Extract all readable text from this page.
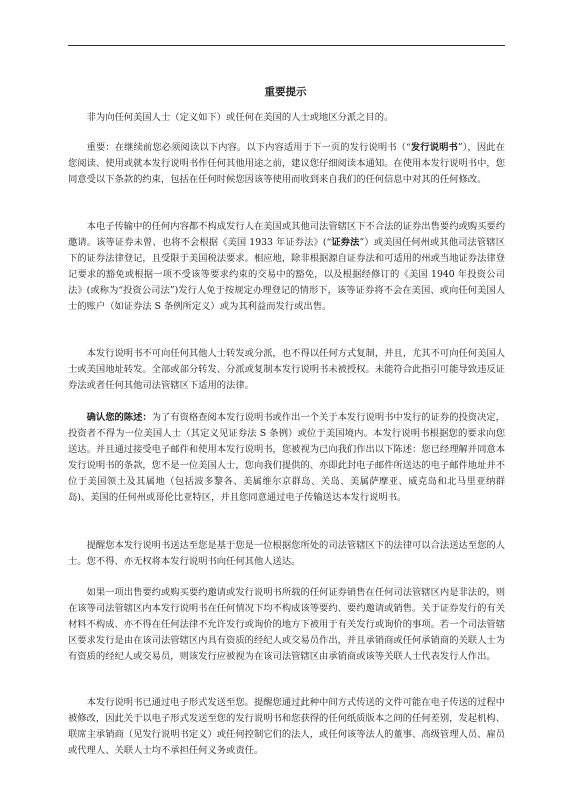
重要提示

非为向任何美国人士（定义如下）或任何在美国的人士或地区分派之目的。

重要：在继续前您必须阅读以下内容。以下内容适用于下一页的发行说明书（“发行说明书”），因此在您阅读、使用或就本发行说明书作任何其他用途之前，建议您仔细阅读本通知。在使用本发行说明书中，您同意受以下条款的约束，包括在任何时候您因该等使用而收到来自我们的任何信息中对其的任何修改。

本电子传输中的任何内容都不构成发行人在美国或其他司法管辖区下不合法的证券出售要约或购买要约邀请。该等证券未曾、也将不会根据《美国 1933 年证券法》(“证券法”）或美国任何州或其他司法管辖区下的证券法律登记，且受限于美国税法要求。相应地，除非根据源自证券法和可适用的州或当地证券法律登记要求的豁免或根据一项不受该等要求约束的交易中的豁免，以及根据经修订的《美国 1940 年投资公司法》(或称为“投资公司法”)发行人免于按规定办理登记的情形下，该等证券将不会在美国、或向任何美国人士的账户（如证券法 S 条例所定义）或为其利益而发行或出售。

本发行说明书不可向任何其他人士转发或分派，也不得以任何方式复制，并且，尤其不可向任何美国人士或美国地址转发。全部或部分转发、分派或复制本发行说明书未被授权。未能符合此指引可能导致违反证券法或者任何其他司法管辖区下适用的法律。

确认您的陈述：为了有资格查阅本发行说明书或作出一个关于本发行说明书中发行的证券的投资决定，投资者不得为一位美国人士（其定义见证券法 S 条例）或位于美国境内。本发行说明书根据您的要求向您送达。并且通过接受电子邮件和使用本发行说明书，您被视为已向我们作出以下陈述：您已经理解并同意本发行说明书的条款，您不是一位美国人士，您向我们提供的、亦即此封电子邮件所送达的电子邮件地址并不位于美国领土及其属地（包括波多黎各、美属维尔京群岛、关岛、美属萨摩亚、威克岛和北马里亚纳群岛)、美国的任何州或哥伦比亚特区，并且您同意通过电子传输送达本发行说明书。

提醒您本发行说明书送达至您是基于您是一位根据您所处的司法管辖区下的法律可以合法送达至您的人士。您不得、亦无权将本发行说明书向任何其他人送达。

如果一项出售要约或购买要约邀请或发行说明书所载的任何证券销售在任何司法管辖区内是非法的，则在该等司法管辖区内本发行说明书在任何情况下均不构成该等要约、要约邀请或销售。关于证券发行的有关材料不构成、亦不得在任何法律不允许发行或询价的地方下被用于有关发行或询价的事项。若一个司法管辖区要求发行是由在该司法管辖区内具有资质的经纪人或交易员作出，并且承销商或任何承销商的关联人士为有资质的经纪人或交易员，则该发行应被视为在该司法管辖区由承销商或该等关联人士代表发行人作出。

本发行说明书已通过电子形式发送至您。提醒您通过此种中间方式传送的文件可能在电子传送的过程中被修改，因此关于以电子形式发送至您的发行说明书和您获得的任何纸质版本之间的任何差别，发起机构、联席主承销商（见发行说明书定义）或任何控制它们的法人，或任何该等法人的董事、高级管理人员、雇员或代理人、关联人士均不承担任何义务或责任。
